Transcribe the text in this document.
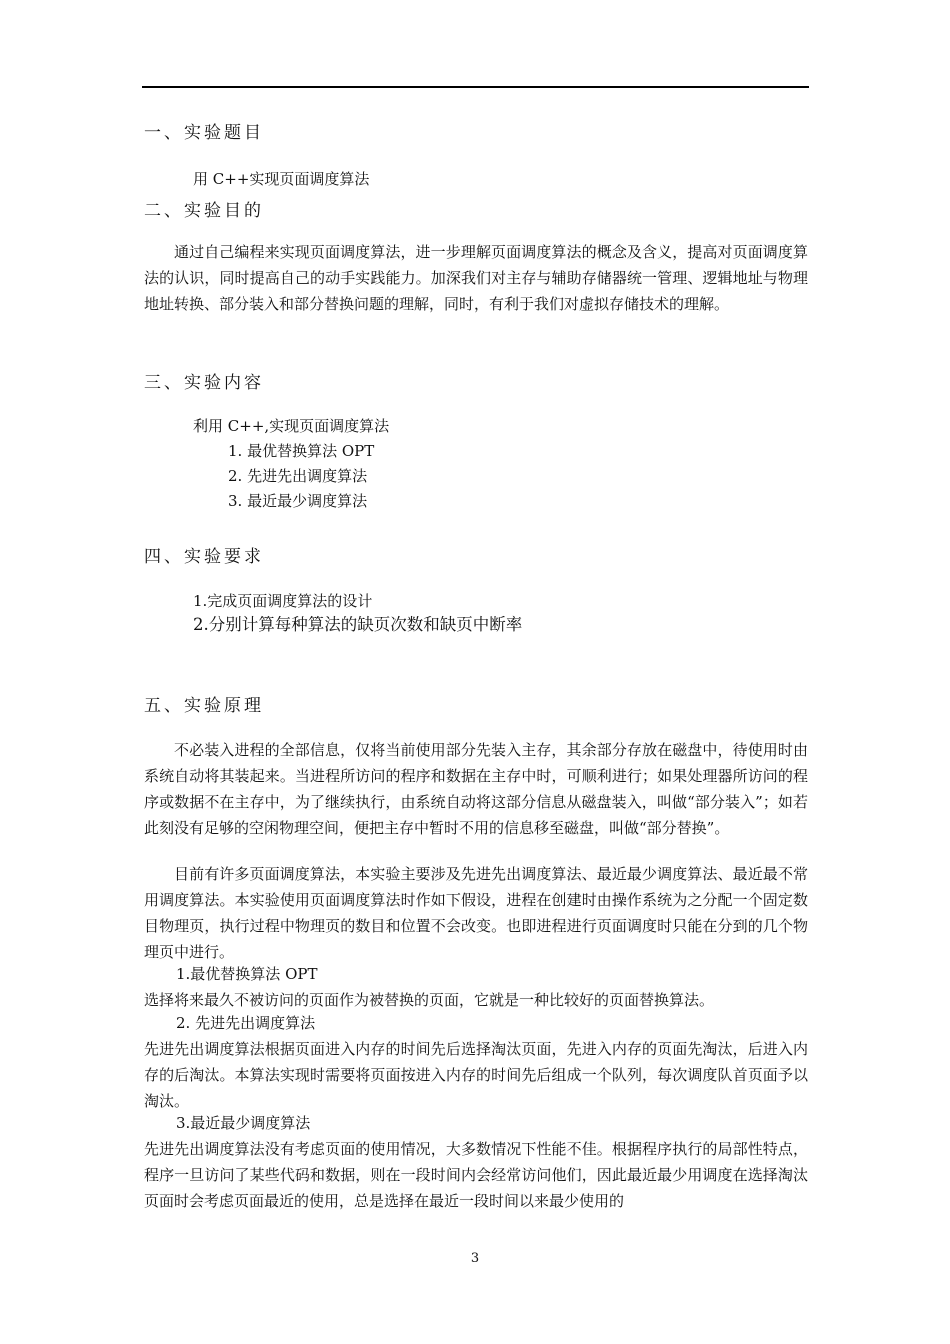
一、实验题目
用 C++实现页面调度算法
二、实验目的
通过自己编程来实现页面调度算法，进一步理解页面调度算法的概念及含义，提高对页面调度算法的认识，同时提高自己的动手实践能力。加深我们对主存与辅助存储器统一管理、逻辑地址与物理地址转换、部分装入和部分替换问题的理解，同时，有利于我们对虚拟存储技术的理解。
三、实验内容
利用 C++,实现页面调度算法
1. 最优替换算法 OPT
2. 先进先出调度算法
3. 最近最少调度算法
四、实验要求
1.完成页面调度算法的设计
2.分别计算每种算法的缺页次数和缺页中断率
五、实验原理
不必装入进程的全部信息，仅将当前使用部分先装入主存，其余部分存放在磁盘中，待使用时由系统自动将其装起来。当进程所访问的程序和数据在主存中时，可顺利进行；如果处理器所访问的程序或数据不在主存中，为了继续执行，由系统自动将这部分信息从磁盘装入，叫做“部分装入”；如若此刻没有足够的空闲物理空间，便把主存中暂时不用的信息移至磁盘，叫做“部分替换”。
目前有许多页面调度算法，本实验主要涉及先进先出调度算法、最近最少调度算法、最近最不常用调度算法。本实验使用页面调度算法时作如下假设，进程在创建时由操作系统为之分配一个固定数目物理页，执行过程中物理页的数目和位置不会改变。也即进程进行页面调度时只能在分到的几个物理页中进行。
1.最优替换算法 OPT
选择将来最久不被访问的页面作为被替换的页面，它就是一种比较好的页面替换算法。
2. 先进先出调度算法
先进先出调度算法根据页面进入内存的时间先后选择淘汰页面，先进入内存的页面先淘汰，后进入内存的后淘汰。本算法实现时需要将页面按进入内存的时间先后组成一个队列，每次调度队首页面予以淘汰。
3.最近最少调度算法
先进先出调度算法没有考虑页面的使用情况，大多数情况下性能不佳。根据程序执行的局部性特点，程序一旦访问了某些代码和数据，则在一段时间内会经常访问他们，因此最近最少用调度在选择淘汰页面时会考虑页面最近的使用，总是选择在最近一段时间以来最少使用的
3
